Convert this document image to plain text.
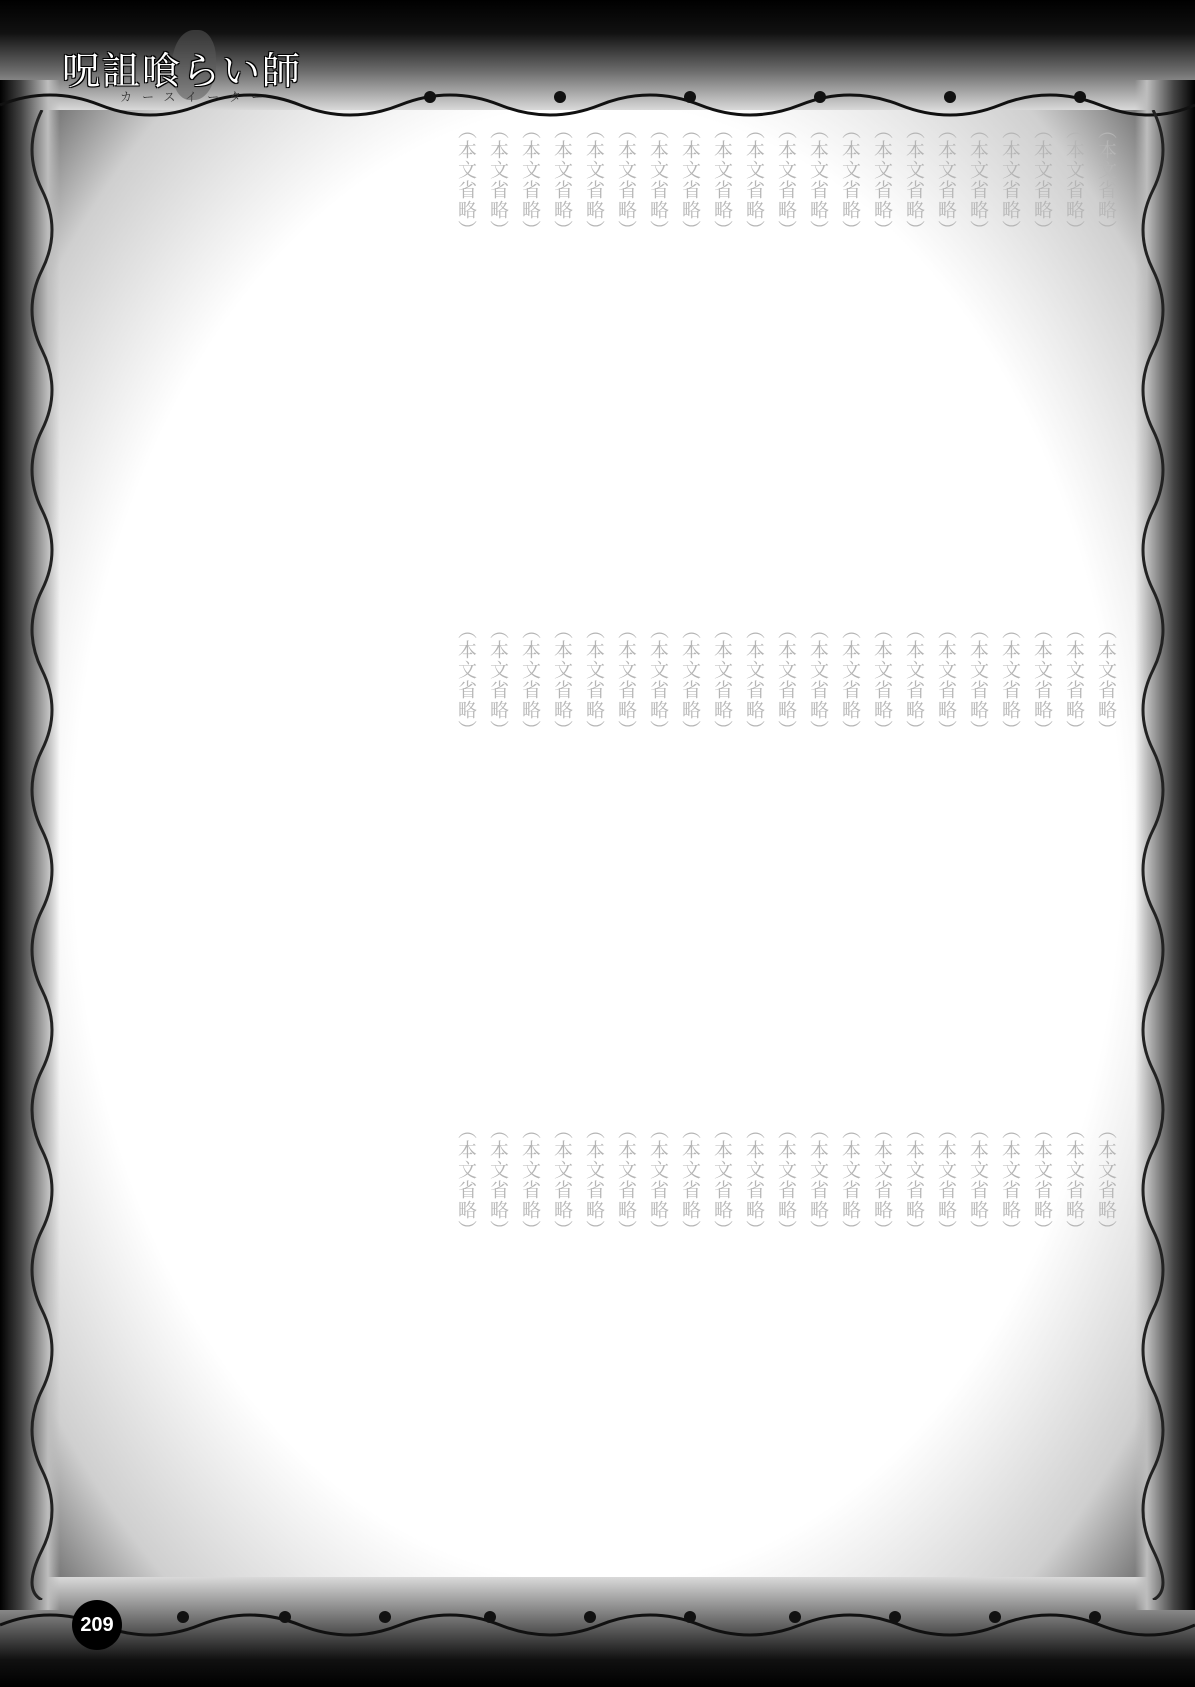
呪詛喰らい師
カースイーター
（本文省略）
（本文省略）
（本文省略）
（本文省略）
（本文省略）
（本文省略）
（本文省略）
（本文省略）
（本文省略）
（本文省略）
（本文省略）
（本文省略）
（本文省略）
（本文省略）
（本文省略）
（本文省略）
（本文省略）
（本文省略）
（本文省略）
（本文省略）
（本文省略）
（本文省略）
（本文省略）
（本文省略）
（本文省略）
（本文省略）
（本文省略）
（本文省略）
（本文省略）
（本文省略）
（本文省略）
（本文省略）
（本文省略）
（本文省略）
（本文省略）
（本文省略）
（本文省略）
（本文省略）
（本文省略）
（本文省略）
（本文省略）
（本文省略）
（本文省略）
（本文省略）
（本文省略）
（本文省略）
（本文省略）
（本文省略）
（本文省略）
（本文省略）
（本文省略）
（本文省略）
（本文省略）
（本文省略）
（本文省略）
（本文省略）
（本文省略）
（本文省略）
（本文省略）
（本文省略）
（本文省略）
（本文省略）
（本文省略）
209
